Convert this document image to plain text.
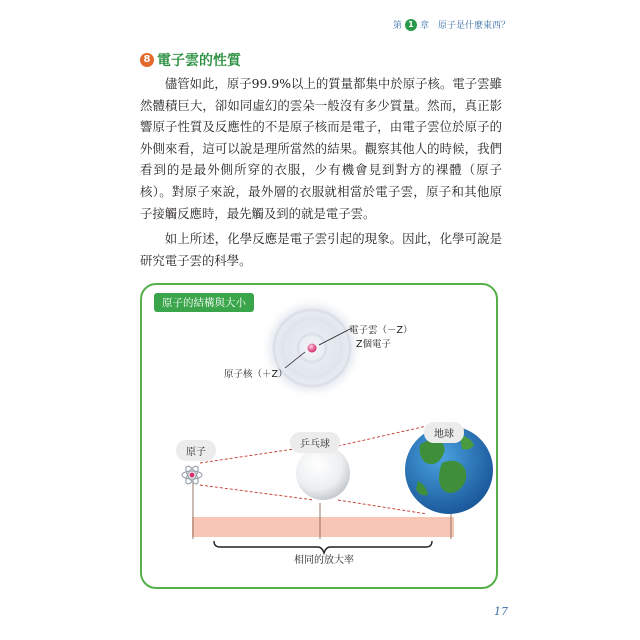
第 1 章 原子是什麼東西？
8 電子雲的性質

儘管如此，原子99.9%以上的質量都集中於原子核。電子雲雖然體積巨大，卻如同虛幻的雲朵一般沒有多少質量。然而，真正影響原子性質及反應性的不是原子核而是電子，由電子雲位於原子的外側來看，這可以說是理所當然的結果。觀察其他人的時候，我們看到的是最外側所穿的衣服，少有機會見到對方的裸體（原子核）。對原子來說，最外層的衣服就相當於電子雲，原子和其他原子接觸反應時，最先觸及到的就是電子雲。

如上所述，化學反應是電子雲引起的現象。因此，化學可說是研究電子雲的科學。

原子的結構與大小
電子雲（－Z）
Z個電子
原子核（＋Z）
原子
乒乓球
地球
相同的放大率
17
